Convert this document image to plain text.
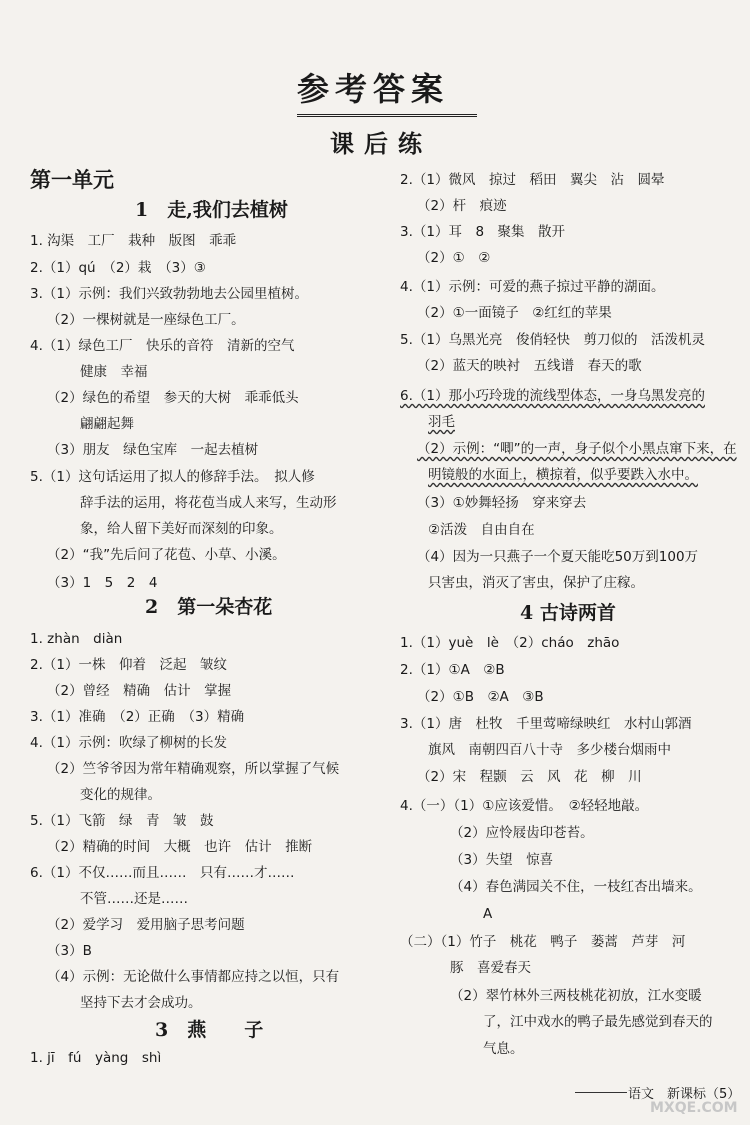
参考答案
课后练
第一单元
1　走,我们去植树
1. 沟渠　工厂　栽种　版图　乖乖
2.（1）qú　（2）栽　（3）③
3.（1）示例：我们兴致勃勃地去公园里植树。
（2）一棵树就是一座绿色工厂。
4.（1）绿色工厂　快乐的音符　清新的空气
健康　幸福
（2）绿色的希望　参天的大树　乖乖低头
翩翩起舞
（3）朋友　绿色宝库　一起去植树
5.（1）这句话运用了拟人的修辞手法。　拟人修
辞手法的运用，将花苞当成人来写，生动形
象，给人留下美好而深刻的印象。
（2）“我”先后问了花苞、小草、小溪。
（3）1　5　2　4
2　第一朵杏花
1. zhàn　diàn
2.（1）一株　仰着　泛起　皱纹
（2）曾经　精确　估计　掌握
3.（1）准确　（2）正确　（3）精确
4.（1）示例：吹绿了柳树的长发
（2）竺爷爷因为常年精确观察，所以掌握了气候
变化的规律。
5.（1）飞箭　绿　青　皱　鼓
（2）精确的时间　大概　也许　估计　推断
6.（1）不仅……而且……　只有……才……
不管……还是……
（2）爱学习　爱用脑子思考问题
（3）B
（4）示例：无论做什么事情都应持之以恒，只有
坚持下去才会成功。
3　燕　　子
1. jī　fú　yàng　shì
2.（1）微风　掠过　稻田　翼尖　沾　圆晕
（2）杆　痕迹
3.（1）耳　8　聚集　散开
（2）①　②
4.（1）示例：可爱的燕子掠过平静的湖面。
（2）①一面镜子　②红红的苹果
5.（1）乌黑光亮　俊俏轻快　剪刀似的　活泼机灵
（2）蓝天的映衬　五线谱　春天的歌
6.（1）那小巧玲珑的流线型体态，一身乌黑发亮的
羽毛
（2）示例：“唧”的一声，身子似个小黑点窜下来，在
明镜般的水面上，横掠着，似乎要跌入水中。
（3）①妙舞轻扬　穿来穿去
②活泼　自由自在
（4）因为一只燕子一个夏天能吃50万到100万
只害虫，消灭了害虫，保护了庄稼。
4 古诗两首
1.（1）yuè　lè　（2）cháo　zhāo
2.（1）①A　②B
（2）①B　②A　③B
3.（1）唐　杜牧　千里莺啼绿映红　水村山郭酒
旗风　南朝四百八十寺　多少楼台烟雨中
（2）宋　程颢　云　风　花　柳　川
4.（一）（1）①应该爱惜。　②轻轻地敲。
（2）应怜屐齿印苍苔。
（3）失望　惊喜
（4）春色满园关不住，一枝红杏出墙来。
A
（二）（1）竹子　桃花　鸭子　蒌蒿　芦芽　河
豚　喜爱春天
（2）翠竹林外三两枝桃花初放，江水变暖
了，江中戏水的鸭子最先感觉到春天的
气息。
语文　新课标（5）
MXQE.COM
